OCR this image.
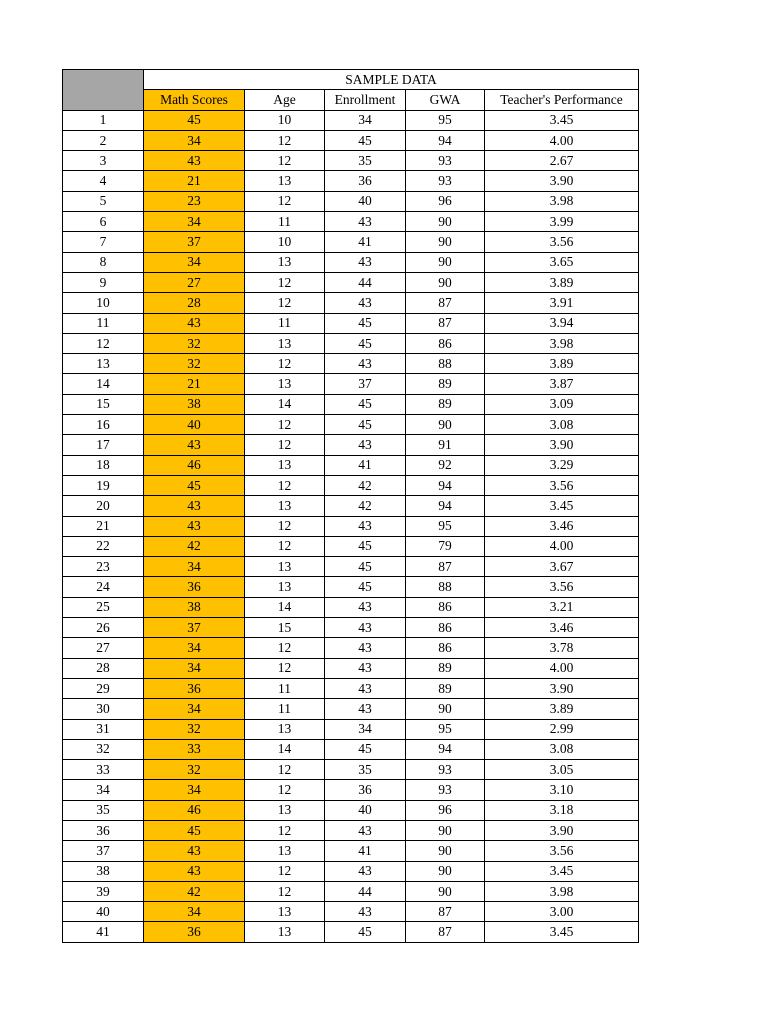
	SAMPLE DATA				
	Math Scores	Age	Enrollment	GWA	Teacher's Performance
1	45	10	34	95	3.45
2	34	12	45	94	4.00
3	43	12	35	93	2.67
4	21	13	36	93	3.90
5	23	12	40	96	3.98
6	34	11	43	90	3.99
7	37	10	41	90	3.56
8	34	13	43	90	3.65
9	27	12	44	90	3.89
10	28	12	43	87	3.91
11	43	11	45	87	3.94
12	32	13	45	86	3.98
13	32	12	43	88	3.89
14	21	13	37	89	3.87
15	38	14	45	89	3.09
16	40	12	45	90	3.08
17	43	12	43	91	3.90
18	46	13	41	92	3.29
19	45	12	42	94	3.56
20	43	13	42	94	3.45
21	43	12	43	95	3.46
22	42	12	45	79	4.00
23	34	13	45	87	3.67
24	36	13	45	88	3.56
25	38	14	43	86	3.21
26	37	15	43	86	3.46
27	34	12	43	86	3.78
28	34	12	43	89	4.00
29	36	11	43	89	3.90
30	34	11	43	90	3.89
31	32	13	34	95	2.99
32	33	14	45	94	3.08
33	32	12	35	93	3.05
34	34	12	36	93	3.10
35	46	13	40	96	3.18
36	45	12	43	90	3.90
37	43	13	41	90	3.56
38	43	12	43	90	3.45
39	42	12	44	90	3.98
40	34	13	43	87	3.00
41	36	13	45	87	3.45
